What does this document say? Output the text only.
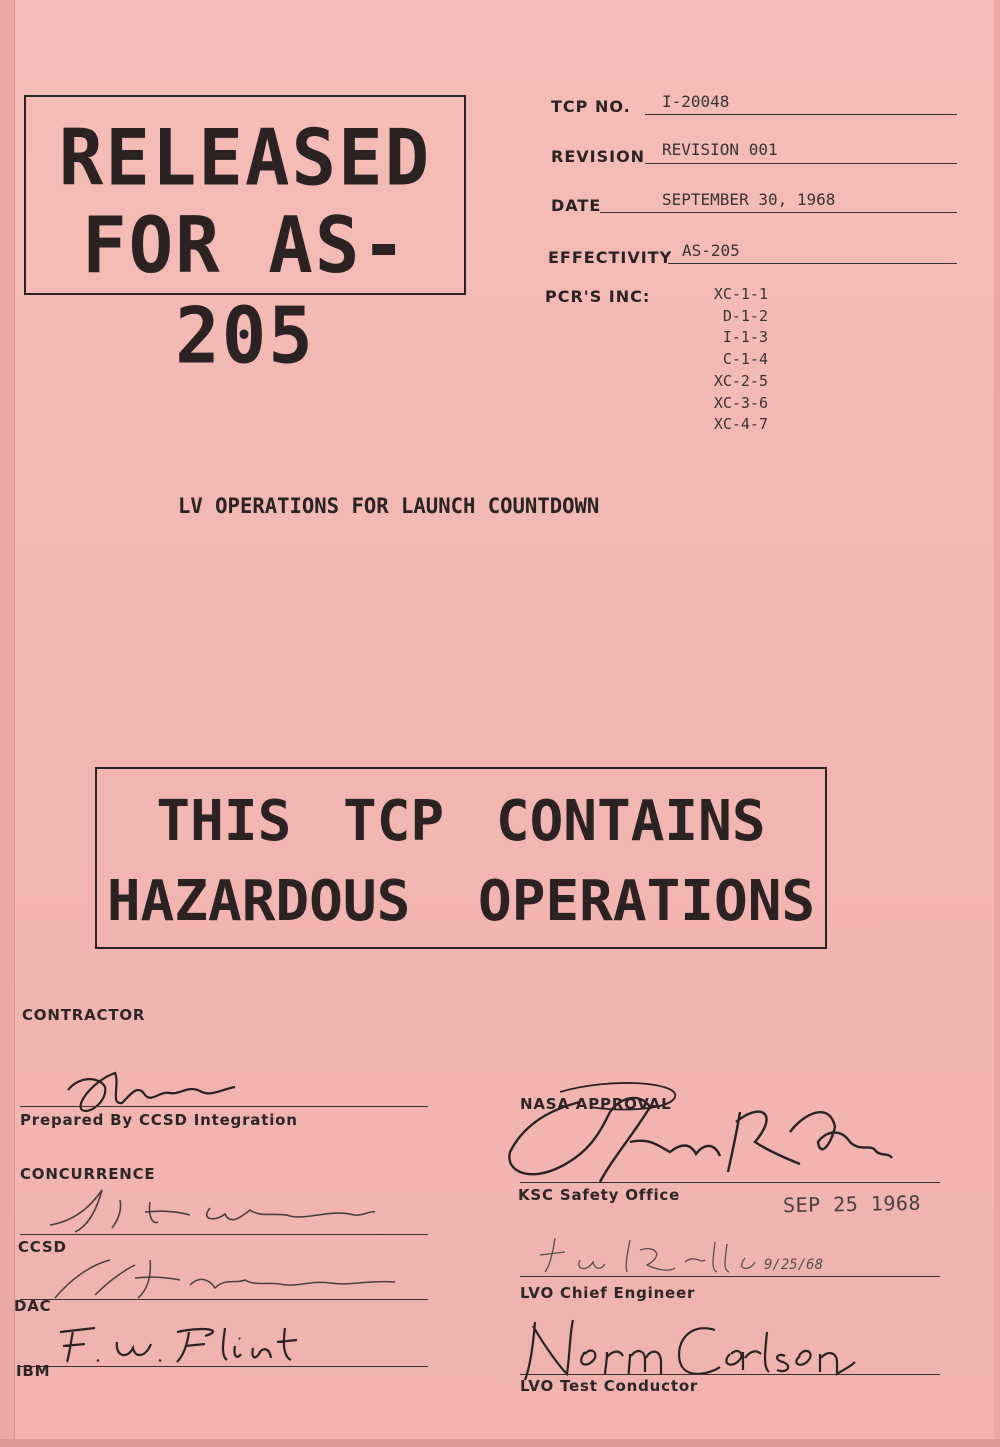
RELEASED
FOR AS-205
TCP NO. I-20048
REVISION REVISION 001
DATE	SEPTEMBER 30, 1968
EFFECTIVITY AS-205
PCR'S INC:	XC-1-1
D-1-2
I-1-3
C-1-4
XC-2-5
XC-3-6
XC-4-7
LV OPERATIONS FOR LAUNCH COUNTDOWN
THIS TCP CONTAINS
HAZARDOUS OPERATIONS
CONTRACTOR
Prepared By CCSD Integration
CONCURRENCE
CCSD
DAC
IBM
NASA APPROVAL
KSC Safety Office	SEP 25 1968
9/25/68
LVO Chief Engineer
LVO Test Conductor
